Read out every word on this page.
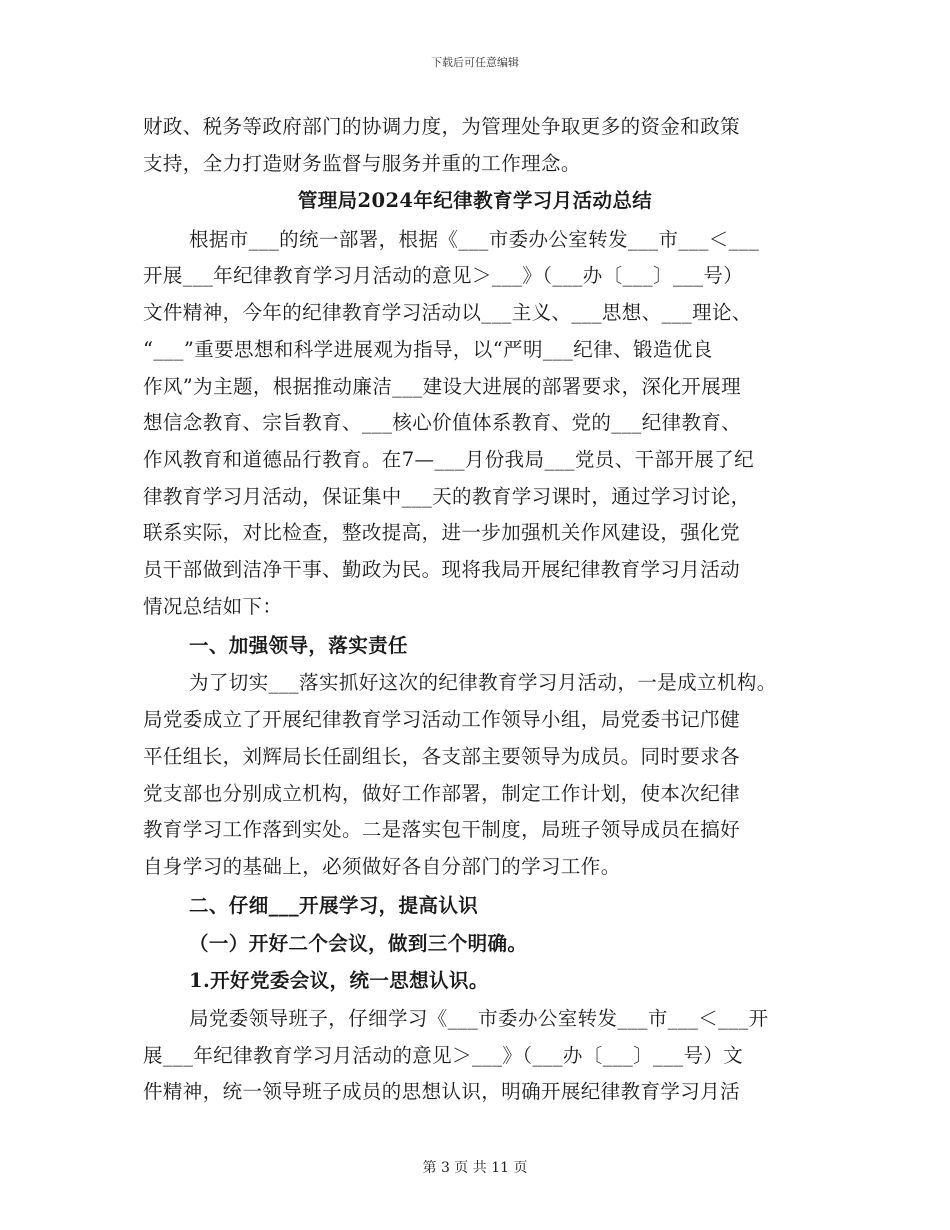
下载后可任意编辑
财政、税务等政府部门的协调力度，为管理处争取更多的资金和政策
支持，全力打造财务监督与服务并重的工作理念。
管理局2024年纪律教育学习月活动总结
根据市___的统一部署，根据《___市委办公室转发___市___＜___
开展___年纪律教育学习月活动的意见＞___》（___办〔___〕___号）
文件精神，今年的纪律教育学习活动以___主义、___思想、___理论、
“___”重要思想和科学进展观为指导，以“严明___纪律、锻造优良
作风”为主题，根据推动廉洁___建设大进展的部署要求，深化开展理
想信念教育、宗旨教育、___核心价值体系教育、党的___纪律教育、
作风教育和道德品行教育。在7—___月份我局___党员、干部开展了纪
律教育学习月活动，保证集中___天的教育学习课时，通过学习讨论，
联系实际，对比检查，整改提高，进一步加强机关作风建设，强化党
员干部做到洁净干事、勤政为民。现将我局开展纪律教育学习月活动
情况总结如下：
一、加强领导，落实责任
为了切实___落实抓好这次的纪律教育学习月活动，一是成立机构。
局党委成立了开展纪律教育学习活动工作领导小组，局党委书记邝健
平任组长，刘辉局长任副组长，各支部主要领导为成员。同时要求各
党支部也分别成立机构，做好工作部署，制定工作计划，使本次纪律
教育学习工作落到实处。二是落实包干制度，局班子领导成员在搞好
自身学习的基础上，必须做好各自分部门的学习工作。
二、仔细___开展学习，提高认识
（一）开好二个会议，做到三个明确。
1.开好党委会议，统一思想认识。
局党委领导班子，仔细学习《___市委办公室转发___市___＜___开
展___年纪律教育学习月活动的意见＞___》（___办〔___〕___号）文
件精神，统一领导班子成员的思想认识，明确开展纪律教育学习月活
第 3 页 共 11 页
